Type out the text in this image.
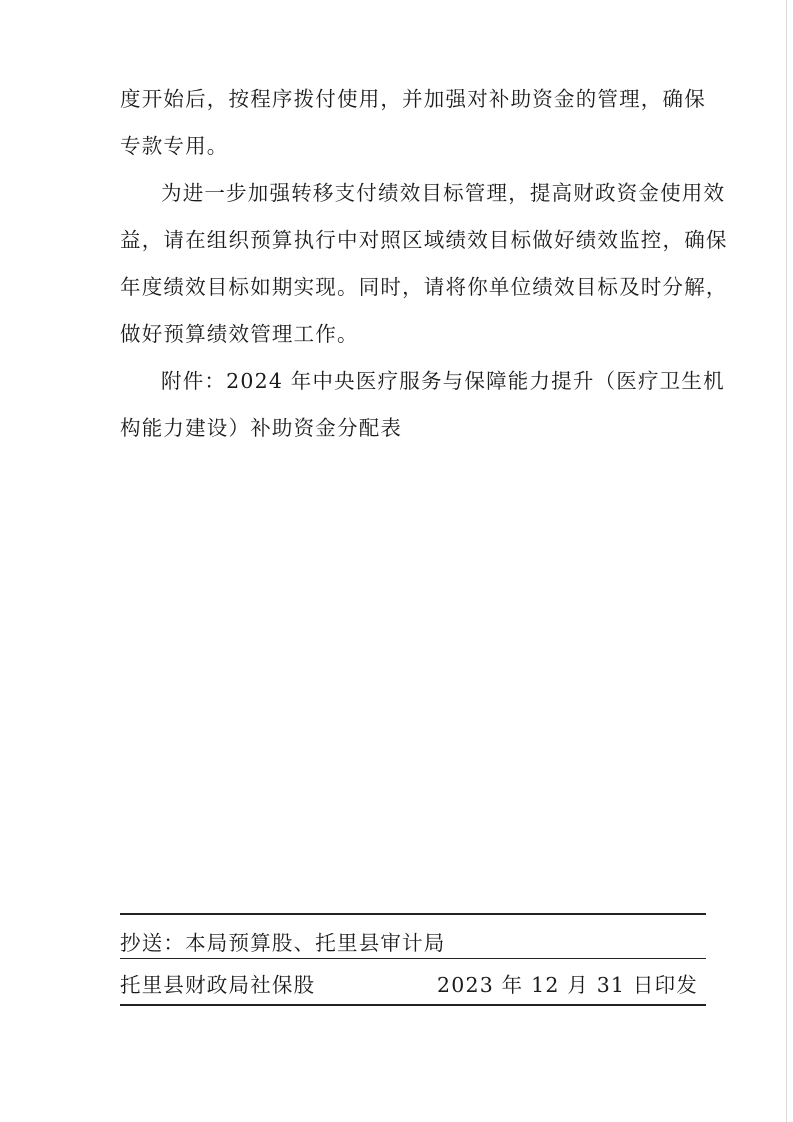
度开始后，按程序拨付使用，并加强对补助资金的管理，确保
专款专用。
为进一步加强转移支付绩效目标管理，提高财政资金使用效
益，请在组织预算执行中对照区域绩效目标做好绩效监控，确保
年度绩效目标如期实现。同时，请将你单位绩效目标及时分解，
做好预算绩效管理工作。
附件：2024 年中央医疗服务与保障能力提升（医疗卫生机
构能力建设）补助资金分配表
抄送：本局预算股、托里县审计局
托里县财政局社保股	2023 年 12 月 31 日印发
